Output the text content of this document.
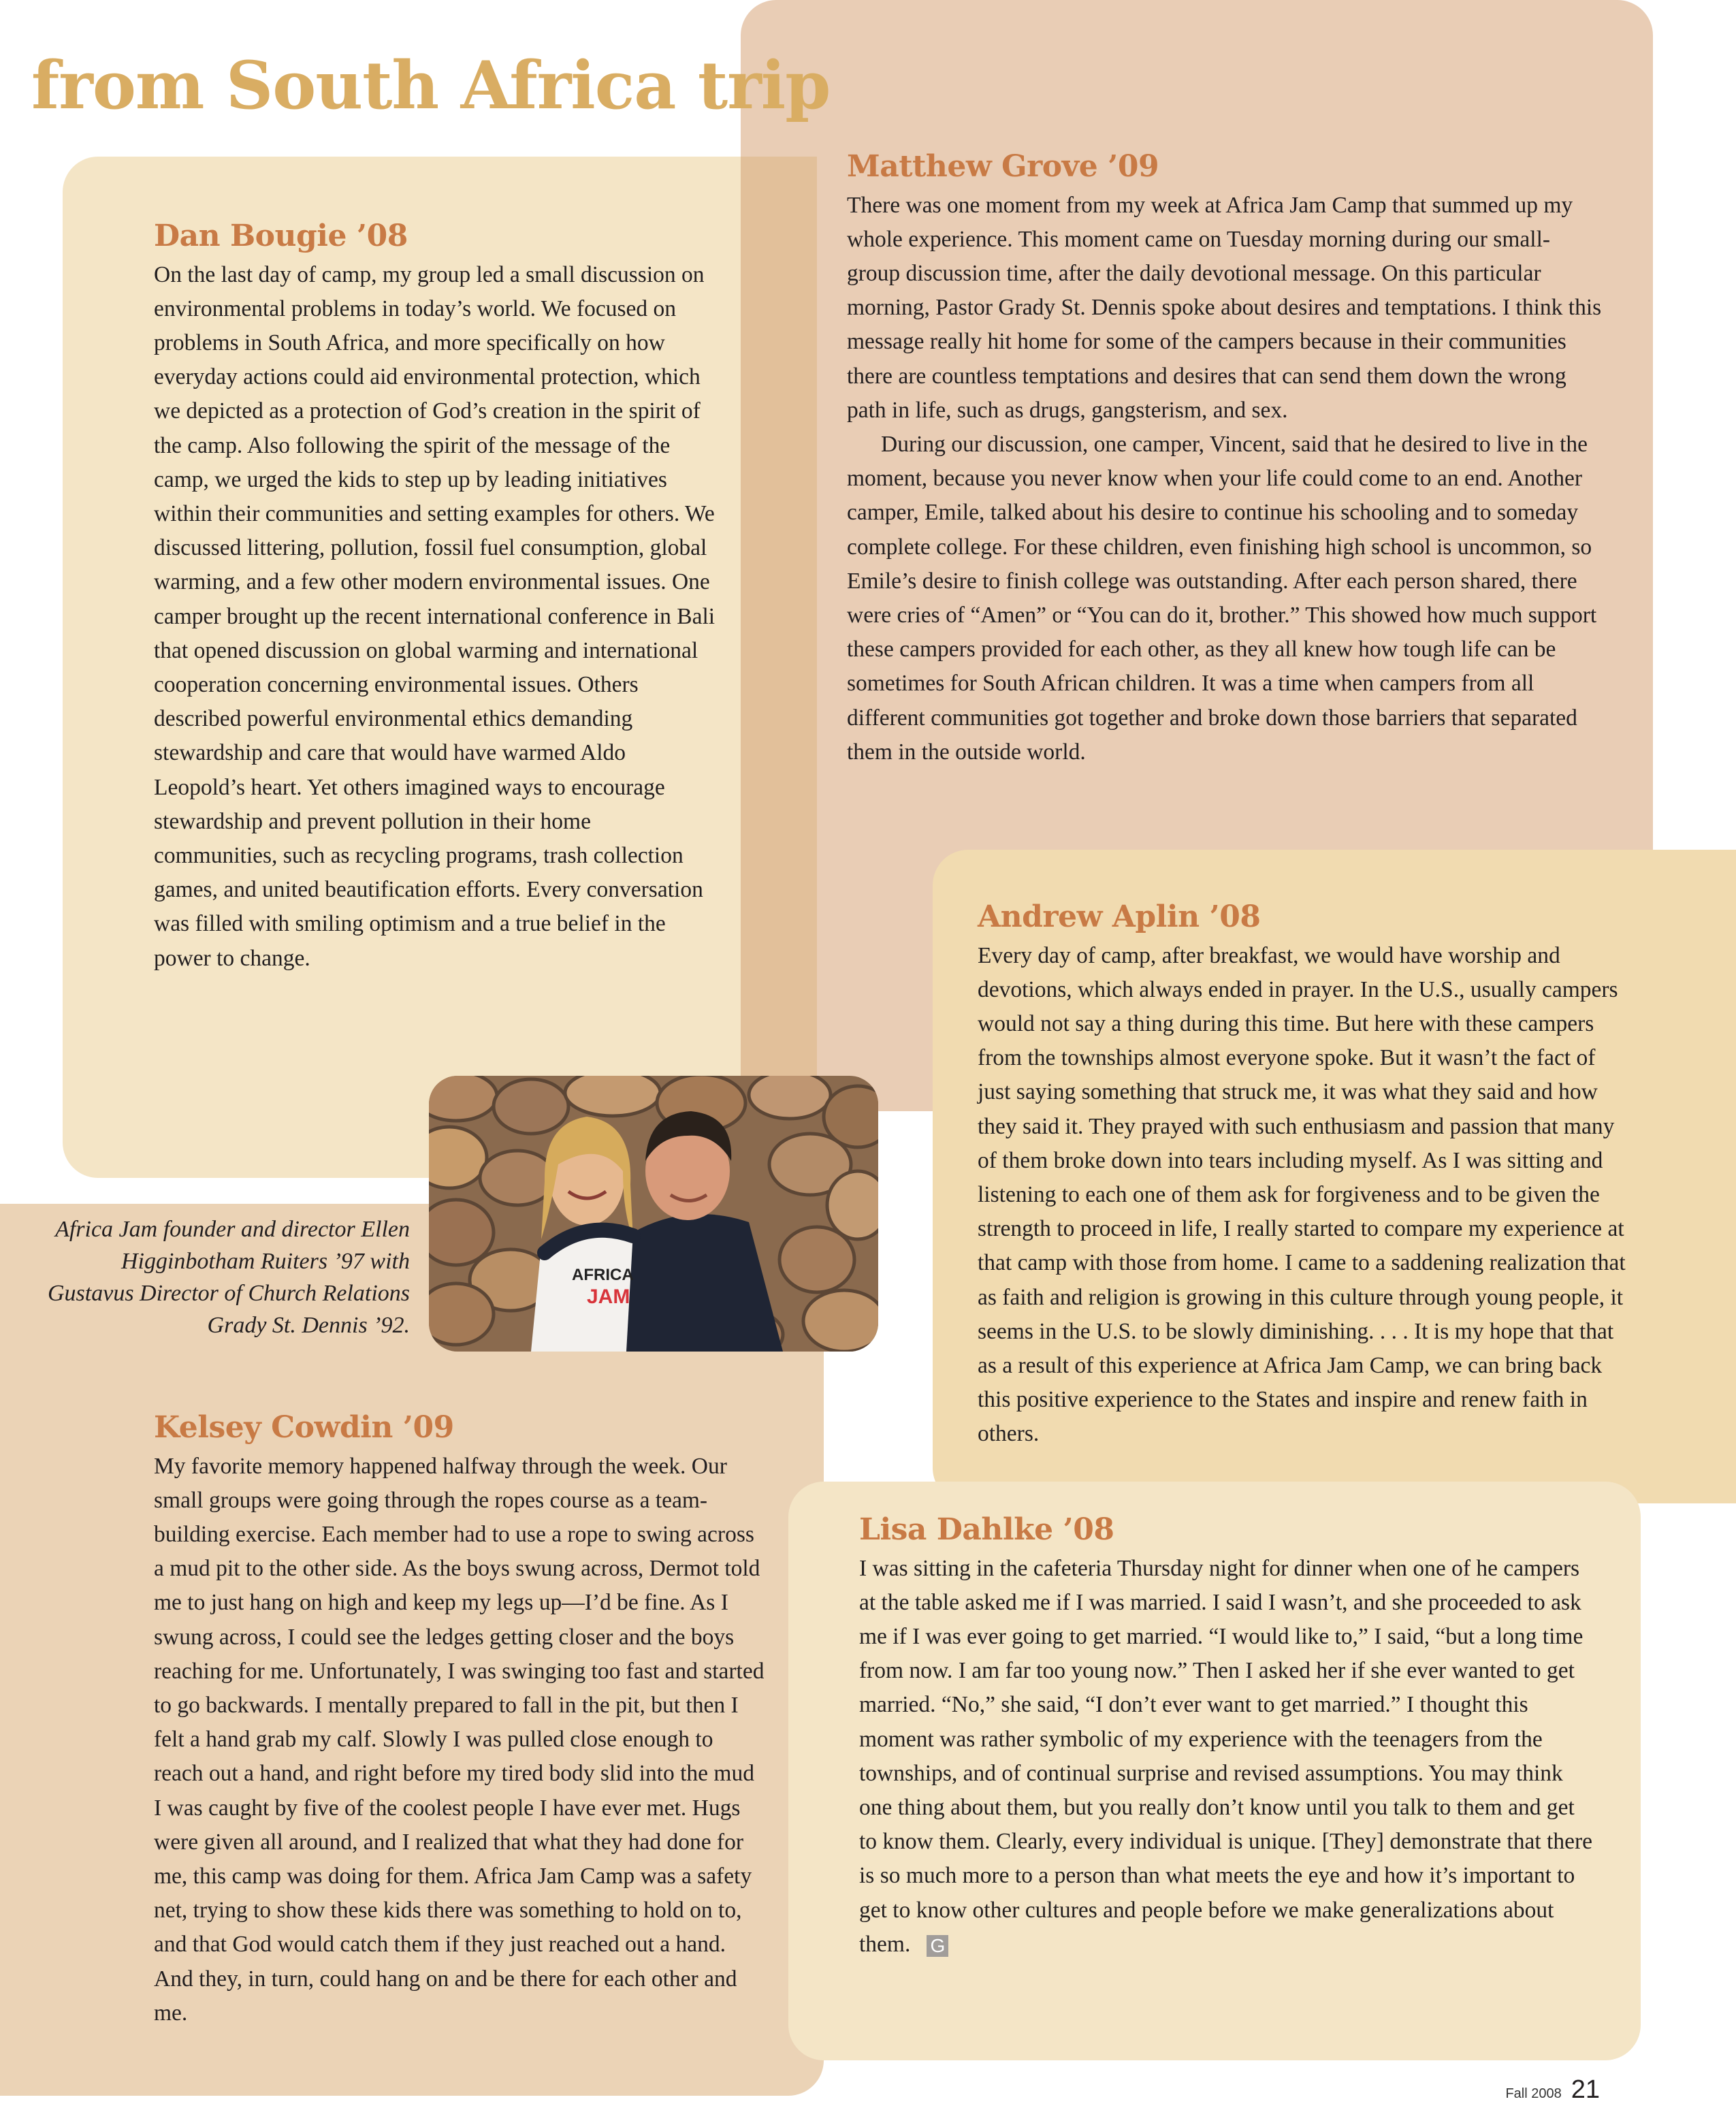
from South Africa trip
Matthew Grove ’09

There was one moment from my week at Africa Jam Camp that summed up my whole experience. This moment came on Tuesday morning during our small-group discussion time, after the daily devotional message. On this particular morning, Pastor Grady St. Dennis spoke about desires and temptations. I think this message really hit home for some of the campers because in their communities there are countless temptations and desires that can send them down the wrong path in life, such as drugs, gangsterism, and sex.

During our discussion, one camper, Vincent, said that he desired to live in the moment, because you never know when your life could come to an end. Another camper, Emile, talked about his desire to continue his schooling and to someday complete college. For these children, even finishing high school is uncommon, so Emile’s desire to finish college was outstanding. After each person shared, there were cries of “Amen” or “You can do it, brother.” This showed how much support these campers provided for each other, as they all knew how tough life can be sometimes for South African children. It was a time when campers from all different communities got together and broke down those barriers that separated them in the outside world.

Dan Bougie ’08

On the last day of camp, my group led a small discussion on environmental problems in today’s world. We focused on problems in South Africa, and more specifically on how everyday actions could aid environmental protection, which we depicted as a protection of God’s creation in the spirit of the camp. Also following the spirit of the message of the camp, we urged the kids to step up by leading initiatives within their communities and setting examples for others. We discussed littering, pollution, fossil fuel consumption, global warming, and a few other modern environmental issues. One camper brought up the recent international conference in Bali that opened discussion on global warming and international cooperation concerning environmental issues. Others described powerful environmental ethics demanding stewardship and care that would have warmed Aldo Leopold’s heart. Yet others imagined ways to encourage stewardship and prevent pollution in their home communities, such as recycling programs, trash collection games, and united beautification efforts. Every conversation was filled with smiling optimism and a true belief in the power to change.

Andrew Aplin ’08

Every day of camp, after breakfast, we would have worship and devotions, which always ended in prayer. In the U.S., usually campers would not say a thing during this time. But here with these campers from the townships almost everyone spoke. But it wasn’t the fact of just saying something that struck me, it was what they said and how they said it. They prayed with such enthusiasm and passion that many of them broke down into tears including myself. As I was sitting and listening to each one of them ask for forgiveness and to be given the strength to proceed in life, I really started to compare my experience at that camp with those from home. I came to a saddening realization that as faith and religion is growing in this culture through young people, it seems in the U.S. to be slowly diminishing. . . . It is my hope that that as a result of this experience at Africa Jam Camp, we can bring back this positive experience to the States and inspire and renew faith in others.

AFRICA
JAM

Africa Jam founder and director Ellen Higginbotham Ruiters ’97 with Gustavus Director of Church Relations Grady St. Dennis ’92.

Kelsey Cowdin ’09

My favorite memory happened halfway through the week. Our small groups were going through the ropes course as a team-building exercise. Each member had to use a rope to swing across a mud pit to the other side. As the boys swung across, Dermot told me to just hang on high and keep my legs up—I’d be fine. As I swung across, I could see the ledges getting closer and the boys reaching for me. Unfortunately, I was swinging too fast and started to go backwards. I mentally prepared to fall in the pit, but then I felt a hand grab my calf. Slowly I was pulled close enough to reach out a hand, and right before my tired body slid into the mud I was caught by five of the coolest people I have ever met. Hugs were given all around, and I realized that what they had done for me, this camp was doing for them. Africa Jam Camp was a safety net, trying to show these kids there was something to hold on to, and that God would catch them if they just reached out a hand. And they, in turn, could hang on and be there for each other and me.

Lisa Dahlke ’08

I was sitting in the cafeteria Thursday night for dinner when one of he campers at the table asked me if I was married. I said I wasn’t, and she proceeded to ask me if I was ever going to get married. “I would like to,” I said, “but a long time from now. I am far too young now.” Then I asked her if she ever wanted to get married. “No,” she said, “I don’t ever want to get married.” I thought this moment was rather symbolic of my experience with the teenagers from the townships, and of continual surprise and revised assumptions. You may think one thing about them, but you really don’t know until you talk to them and get to know them. Clearly, every individual is unique. [They] demonstrate that there is so much more to a person than what meets the eye and how it’s important to get to know other cultures and people before we make generalizations about them. G

Fall 2008 21
